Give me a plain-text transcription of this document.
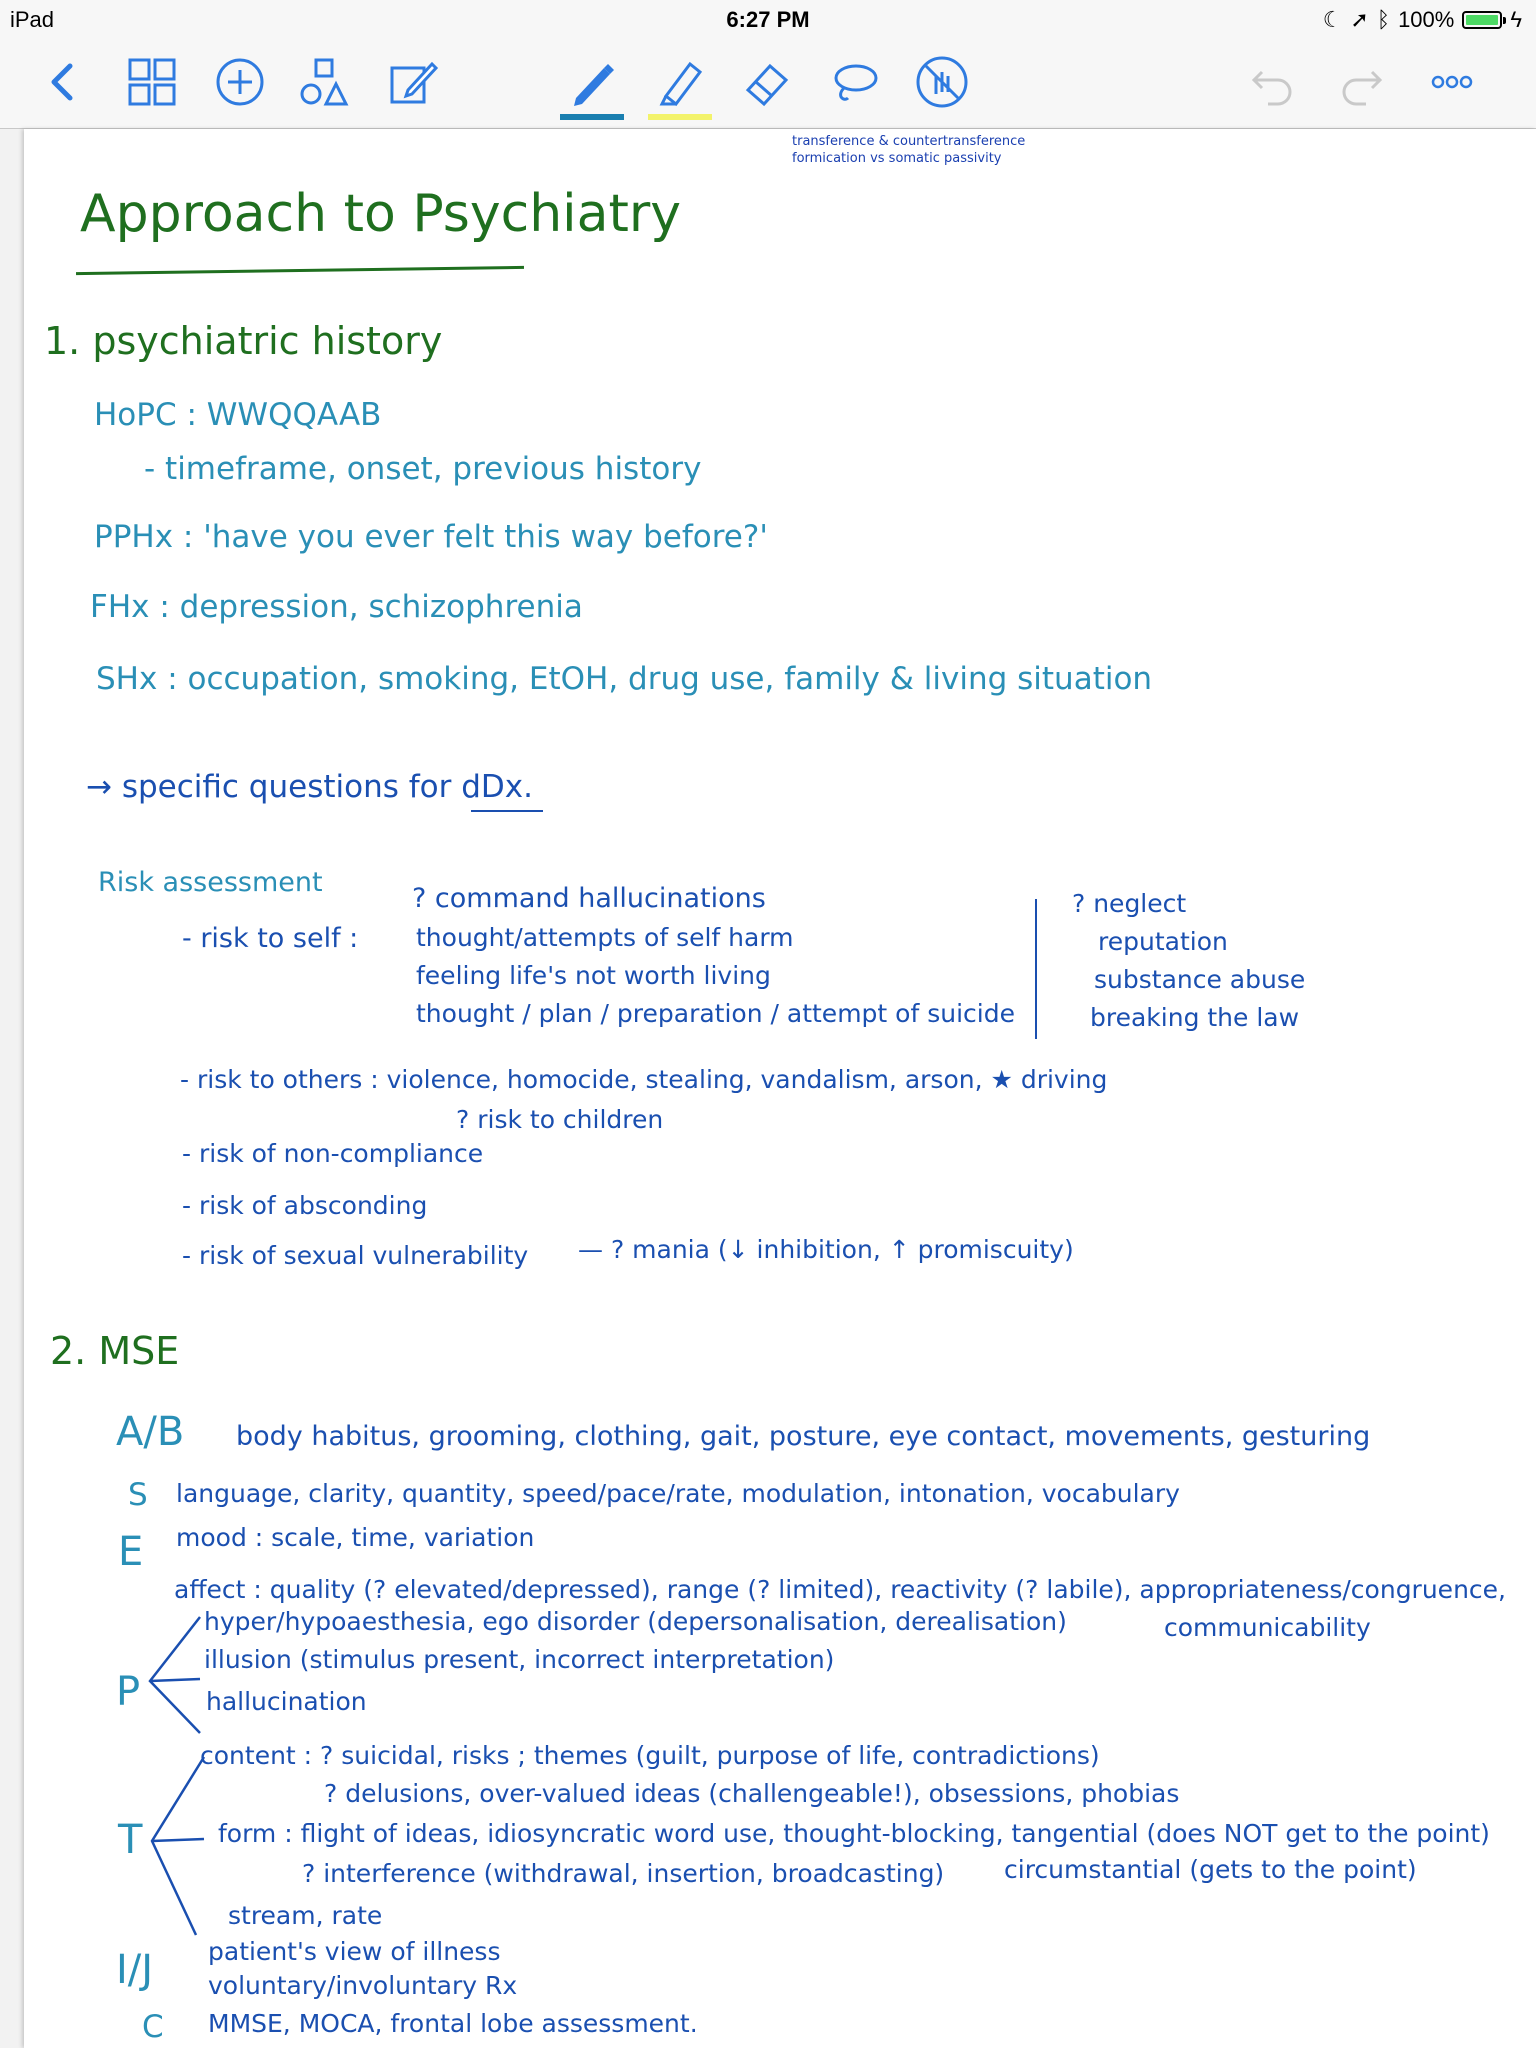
iPad	6:27 PM	☾ ➚ ᛒ 100%	ϟ
transference & countertransference
formication vs somatic passivity
Approach to Psychiatry
1. psychiatric history
HoPC : WWQQAAB
- timeframe, onset, previous history
PPHx : 'have you ever felt this way before?'
FHx : depression, schizophrenia
SHx : occupation, smoking, EtOH, drug use, family & living situation
→ specific questions for dDx.
Risk assessment
- risk to self :
? command hallucinations
thought/attempts of self harm
feeling life's not worth living
thought / plan / preparation / attempt of suicide
? neglect
reputation
substance abuse
breaking the law
- risk to others : violence, homocide, stealing, vandalism, arson, ★ driving
? risk to children
- risk of non-compliance
- risk of absconding
- risk of sexual vulnerability — ? mania (↓ inhibition, ↑ promiscuity)
2. MSE
A/B body habitus, grooming, clothing, gait, posture, eye contact, movements, gesturing
S language, clarity, quantity, speed/pace/rate, modulation, intonation, vocabulary
E mood : scale, time, variation
affect : quality (? elevated/depressed), range (? limited), reactivity (? labile), appropriateness/congruence,
communicability
P
hyper/hypoaesthesia, ego disorder (depersonalisation, derealisation)
illusion (stimulus present, incorrect interpretation)
hallucination
content : ? suicidal, risks ; themes (guilt, purpose of life, contradictions)
? delusions, over-valued ideas (challengeable!), obsessions, phobias
T	form : flight of ideas, idiosyncratic word use, thought-blocking, tangential (does NOT get to the point)
? interference (withdrawal, insertion, broadcasting) circumstantial (gets to the point)
stream, rate
I/J patient's view of illness
voluntary/involuntary Rx
C MMSE, MOCA, frontal lobe assessment.
